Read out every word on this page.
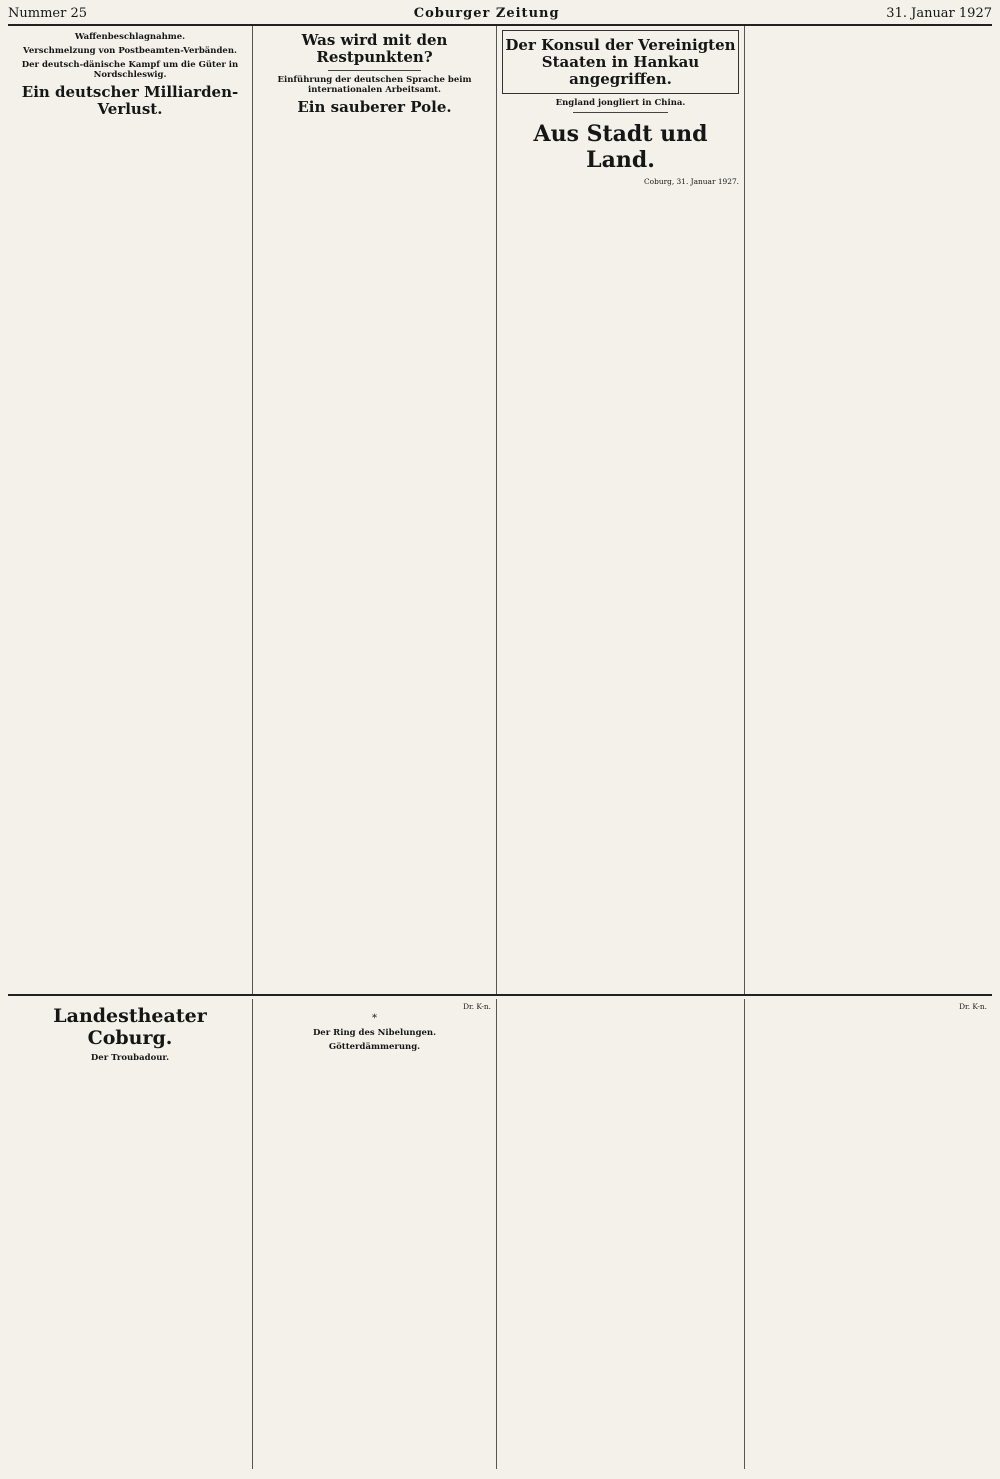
Nummer 25	Coburger Zeitung	31. Januar 1927

Waffenbeschlagnahme.

Verschmelzung von Postbeamten-Verbänden.

Der deutsch-dänische Kampf um die Güter in Nordschleswig.

Ein deutscher Milliarden-Verlust.

Was wird mit den Restpunkten?

Einführung der deutschen Sprache beim internationalen Arbeitsamt.

Ein sauberer Pole.

Der Konsul der Vereinigten Staaten in Hankau angegriffen.

England jongliert in China.

Aus Stadt und Land.
Coburg, 31. Januar 1927.

Landestheater Coburg.
Der Troubadour.

Dr. K-n.
*
Der Ring des Nibelungen.
Götterdämmerung.

Dr. K-n.
